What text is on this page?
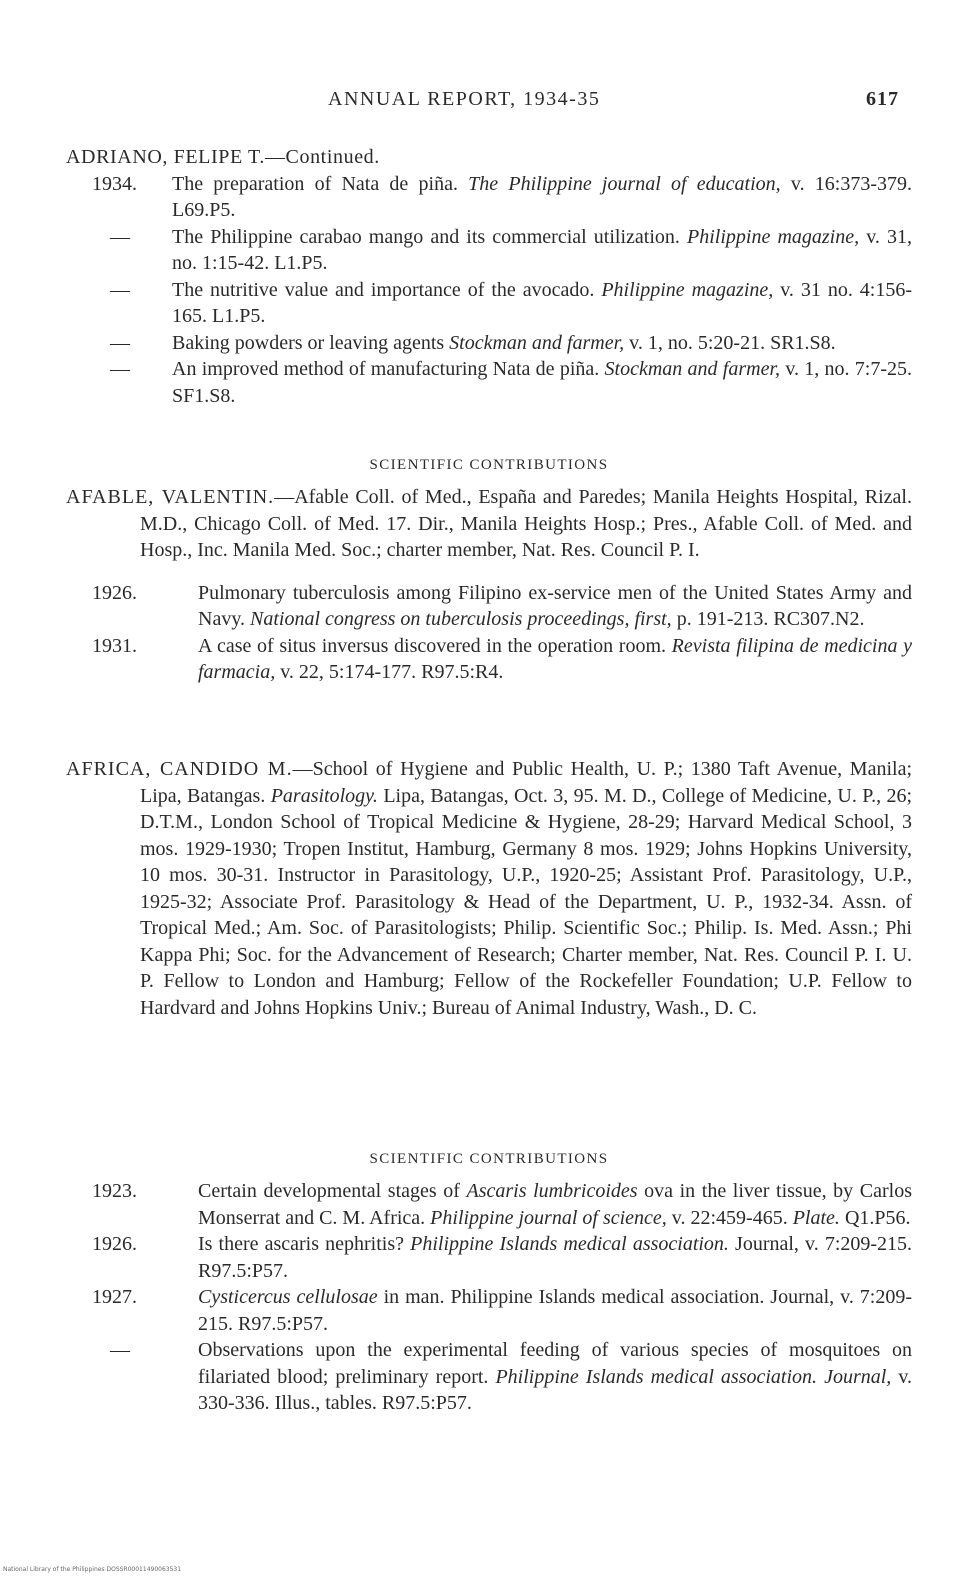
ANNUAL REPORT, 1934-35	617
ADRIANO, FELIPE T.—Continued.
1934.	The preparation of Nata de piña. The Philippine journal of education, v. 16:373-379. L69.P5.
— The Philippine carabao mango and its commercial utilization. Philippine magazine, v. 31, no. 1:15-42. L1.P5.
— The nutritive value and importance of the avocado. Philippine magazine, v. 31 no. 4:156-165. L1.P5.
— Baking powders or leaving agents Stockman and farmer, v. 1, no. 5:20-21. SR1.S8.
— An improved method of manufacturing Nata de piña. Stockman and farmer, v. 1, no. 7:7-25. SF1.S8.
SCIENTIFIC CONTRIBUTIONS
AFABLE, VALENTIN.—Afable Coll. of Med., España and Paredes; Manila Heights Hospital, Rizal. M.D., Chicago Coll. of Med. 17. Dir., Manila Heights Hosp.; Pres., Afable Coll. of Med. and Hosp., Inc. Manila Med. Soc.; charter member, Nat. Res. Council P. I.
1926.	Pulmonary tuberculosis among Filipino ex-service men of the United States Army and Navy. National congress on tuberculosis proceedings, first, p. 191-213. RC307.N2.
1931.	A case of situs inversus discovered in the operation room. Revista filipina de medicina y farmacia, v. 22, 5:174-177. R97.5:R4.
AFRICA, CANDIDO M.—School of Hygiene and Public Health, U. P.; 1380 Taft Avenue, Manila; Lipa, Batangas. Parasitology. Lipa, Batangas, Oct. 3, 95. M. D., College of Medicine, U. P., 26; D.T.M., London School of Tropical Medicine & Hygiene, 28-29; Harvard Medical School, 3 mos. 1929-1930; Tropen Institut, Hamburg, Germany 8 mos. 1929; Johns Hopkins University, 10 mos. 30-31. Instructor in Parasitology, U.P., 1920-25; Assistant Prof. Parasitology, U.P., 1925-32; Associate Prof. Parasitology & Head of the Department, U. P., 1932-34. Assn. of Tropical Med.; Am. Soc. of Parasitologists; Philip. Scientific Soc.; Philip. Is. Med. Assn.; Phi Kappa Phi; Soc. for the Advancement of Research; Charter member, Nat. Res. Council P. I. U. P. Fellow to London and Hamburg; Fellow of the Rockefeller Foundation; U.P. Fellow to Hardvard and Johns Hopkins Univ.; Bureau of Animal Industry, Wash., D. C.
SCIENTIFIC CONTRIBUTIONS
1923.	Certain developmental stages of Ascaris lumbricoides ova in the liver tissue, by Carlos Monserrat and C. M. Africa. Philippine journal of science, v. 22:459-465. Plate. Q1.P56.
1926.	Is there ascaris nephritis? Philippine Islands medical association. Journal, v. 7:209-215. R97.5:P57.
1927.	Cysticercus cellulosae in man. Philippine Islands medical association. Journal, v. 7:209-215. R97.5:P57.
—	Observations upon the experimental feeding of various species of mosquitoes on filariated blood; preliminary report. Philippine Islands medical association. Journal, v. 330-336. Illus., tables. R97.5:P57.
National Library of the Philippines DOSSR00011490063531
